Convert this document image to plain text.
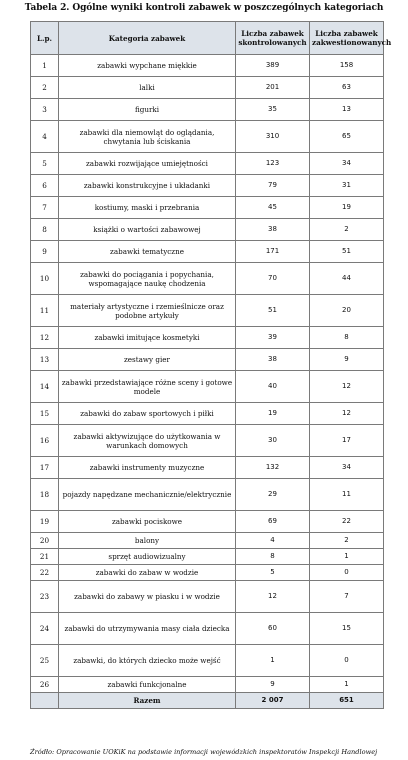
Tabela 2. Ogólne wyniki kontroli zabawek w poszczególnych kategoriach
L.p.	Kategoria zabawek	Liczba zabawek skontrolowanych	Liczba zabawek zakwestionowanych
1	zabawki wypchane miękkie	389	158
2	lalki	201	63
3	figurki	35	13
4	zabawki dla niemowląt do oglądania, chwytania lub ściskania	310	65
5	zabawki rozwijające umiejętności	123	34
6	zabawki konstrukcyjne i układanki	79	31
7	kostiumy, maski i przebrania	45	19
8	książki o wartości zabawowej	38	2
9	zabawki tematyczne	171	51
10	zabawki do pociągania i popychania, wspomagające naukę chodzenia	70	44
11	materiały artystyczne i rzemieślnicze oraz podobne artykuły	51	20
12	zabawki imitujące kosmetyki	39	8
13	zestawy gier	38	9
14	zabawki przedstawiające różne sceny i gotowe modele	40	12
15	zabawki do zabaw sportowych i piłki	19	12
16	zabawki aktywizujące do użytkowania w warunkach domowych	30	17
17	zabawki instrumenty muzyczne	132	34
18	pojazdy napędzane mechanicznie/elektrycznie	29	11
19	zabawki pociskowe	69	22
20	balony	4	2
21	sprzęt audiowizualny	8	1
22	zabawki do zabaw w wodzie	5	0
23	zabawki do zabawy w piasku i w wodzie	12	7
24	zabawki do utrzymywania masy ciała dziecka	60	15
25	zabawki, do których dziecko może wejść	1	0
26	zabawki funkcjonalne	9	1
	Razem	2 007	651
Źródło: Opracowanie UOKiK na podstawie informacji wojewódzkich inspektoratów Inspekcji Handlowej
